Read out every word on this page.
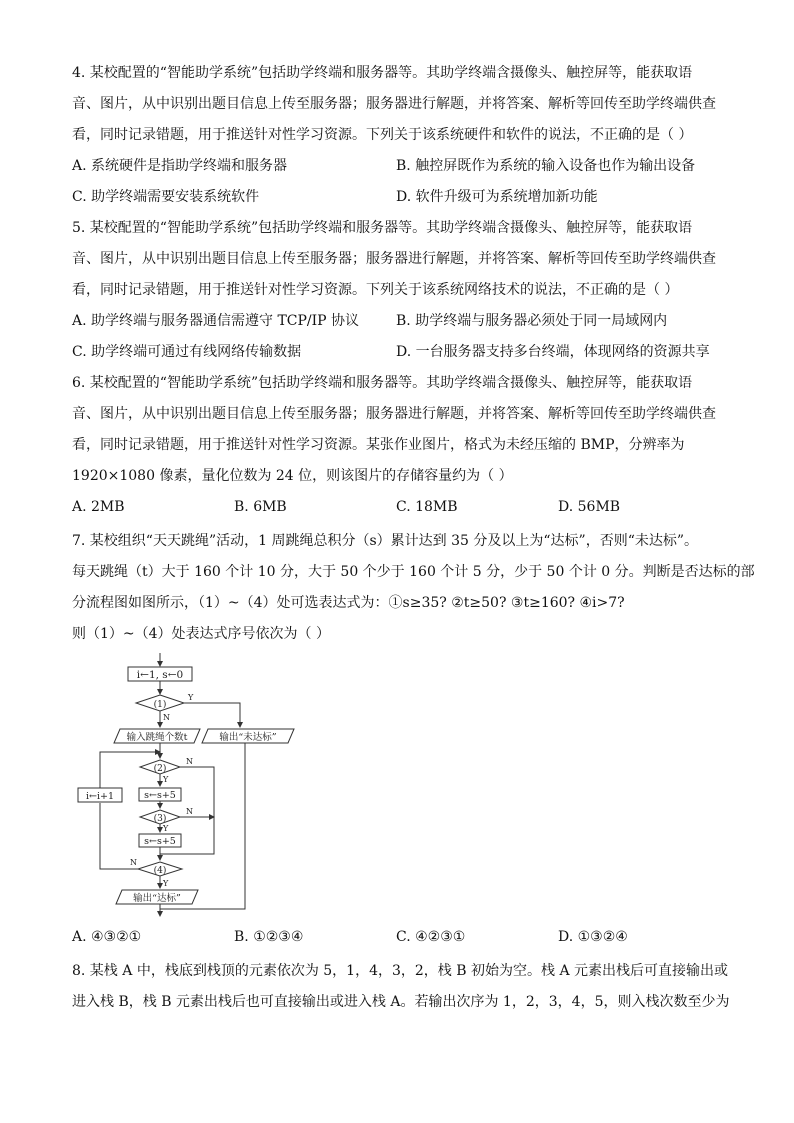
4. 某校配置的“智能助学系统”包括助学终端和服务器等。其助学终端含摄像头、触控屏等，能获取语
音、图片，从中识别出题目信息上传至服务器；服务器进行解题，并将答案、解析等回传至助学终端供查
看，同时记录错题，用于推送针对性学习资源。下列关于该系统硬件和软件的说法，不正确的是（ ）
A. 系统硬件是指助学终端和服务器	B. 触控屏既作为系统的输入设备也作为输出设备
C. 助学终端需要安装系统软件	D. 软件升级可为系统增加新功能
5. 某校配置的“智能助学系统”包括助学终端和服务器等。其助学终端含摄像头、触控屏等，能获取语
音、图片，从中识别出题目信息上传至服务器；服务器进行解题，并将答案、解析等回传至助学终端供查
看，同时记录错题，用于推送针对性学习资源。下列关于该系统网络技术的说法，不正确的是（ ）
A. 助学终端与服务器通信需遵守 TCP/IP 协议	B. 助学终端与服务器必须处于同一局域网内
C. 助学终端可通过有线网络传输数据	D. 一台服务器支持多台终端，体现网络的资源共享
6. 某校配置的“智能助学系统”包括助学终端和服务器等。其助学终端含摄像头、触控屏等，能获取语
音、图片，从中识别出题目信息上传至服务器；服务器进行解题，并将答案、解析等回传至助学终端供查
看，同时记录错题，用于推送针对性学习资源。某张作业图片，格式为未经压缩的 BMP，分辨率为
1920×1080 像素，量化位数为 24 位，则该图片的存储容量约为（ ）
A. 2MB	B. 6MB	C. 18MB	D. 56MB
7. 某校组织“天天跳绳”活动，1 周跳绳总积分（s）累计达到 35 分及以上为“达标”，否则“未达标”。
每天跳绳（t）大于 160 个计 10 分，大于 50 个少于 160 个计 5 分，少于 50 个计 0 分。判断是否达标的部
分流程图如图所示，（1）~（4）处可选表达式为：①s≥35? ②t≥50? ③t≥160? ④i>7?
则（1）~（4）处表达式序号依次为（ ）
i←1, s←0
(1)
Y
N
输入跳绳个数t	输出“未达标”
(2)
N
Y
s←s+5
(3)
N
Y
s←s+5
(4)
N
Y
i←i+1
输出“达标”
A. ④③②①	B. ①②③④	C. ④②③①	D. ①③②④
8. 某栈 A 中，栈底到栈顶的元素依次为 5，1，4，3，2，栈 B 初始为空。栈 A 元素出栈后可直接输出或
进入栈 B，栈 B 元素出栈后也可直接输出或进入栈 A。若输出次序为 1，2，3，4，5，则入栈次数至少为
